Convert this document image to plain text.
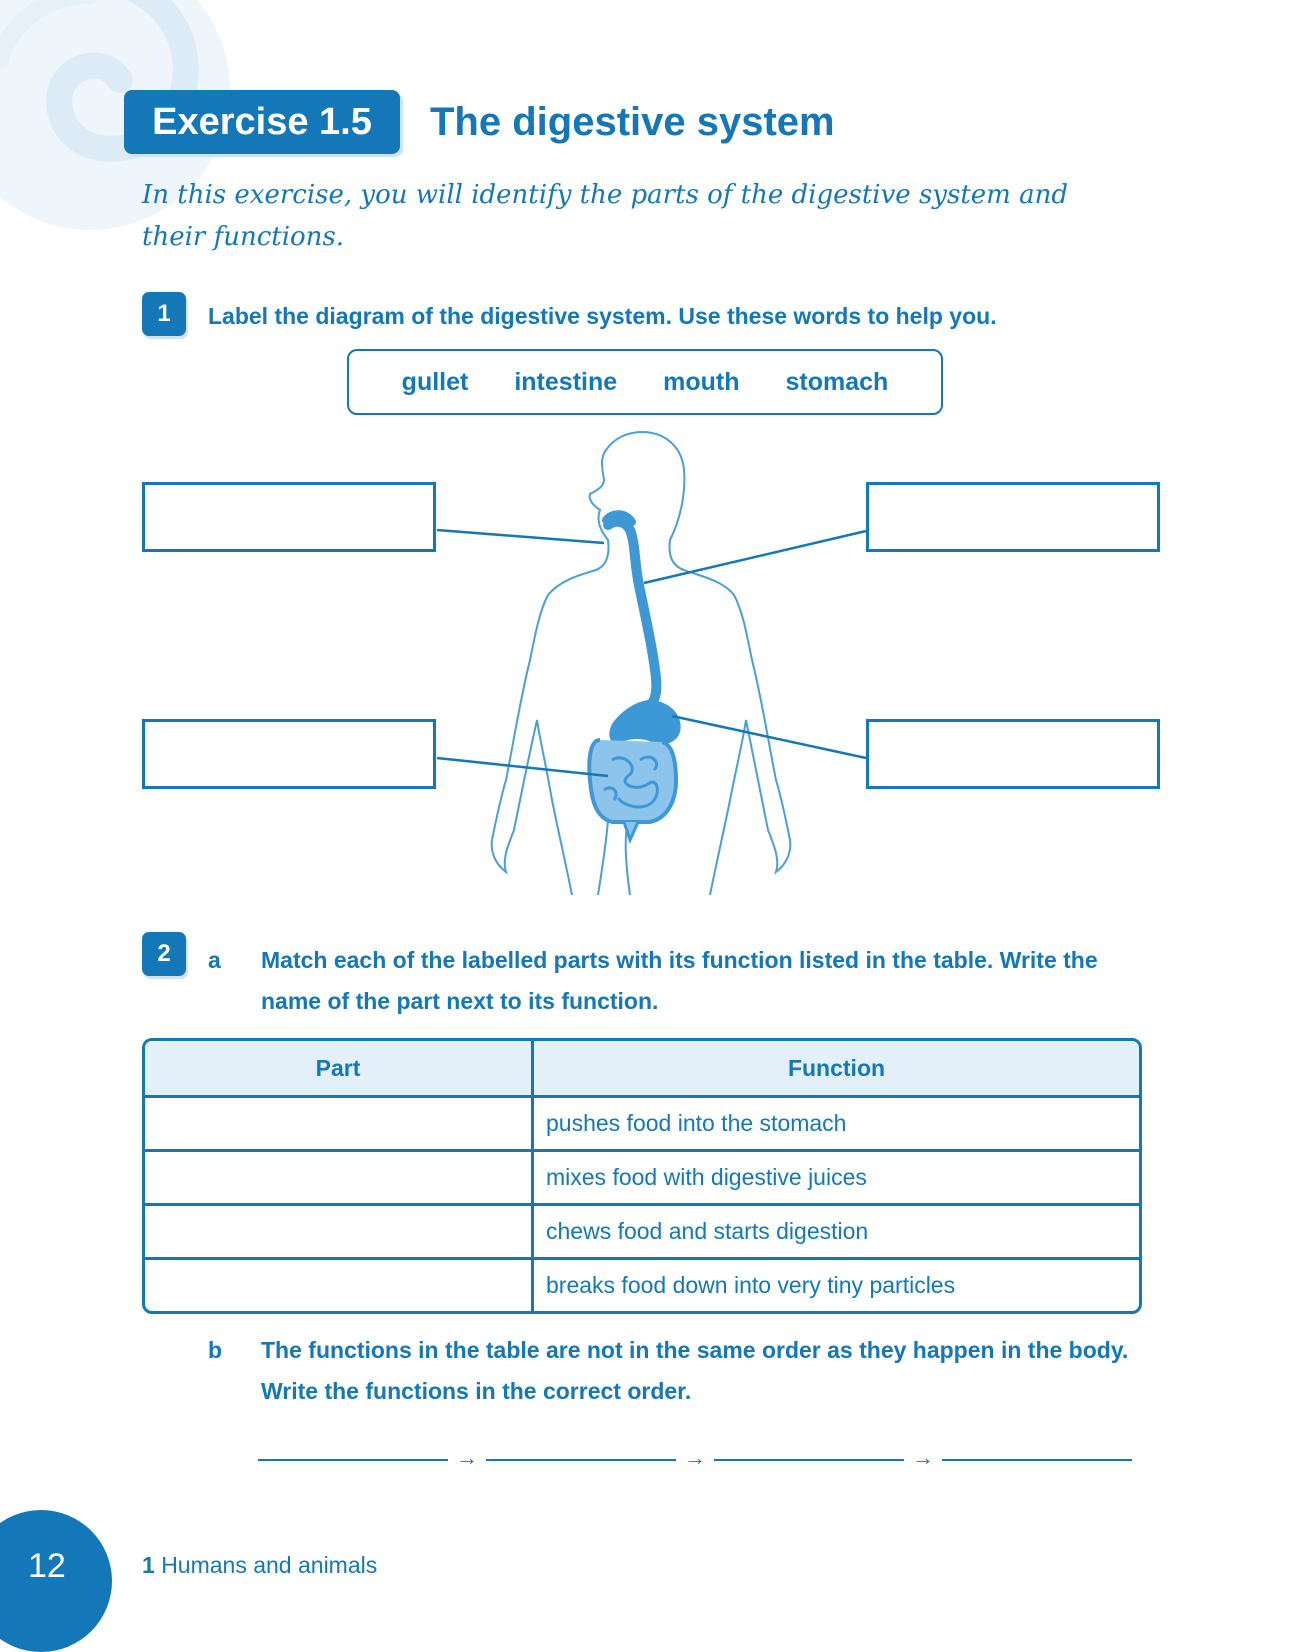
Exercise 1.5	The digestive system
In this exercise, you will identify the parts of the digestive system and their functions.
1	Label the diagram of the digestive system. Use these words to help you.
gullet intestine mouth stomach
2	a Match each of the labelled parts with its function listed in the table. Write the name of the part next to its function.
Part	Function
	pushes food into the stomach
	mixes food with digestive juices
	chews food and starts digestion
	breaks food down into very tiny particles
b The functions in the table are not in the same order as they happen in the body. Write the functions in the correct order.
→	→	→
12	1 Humans and animals
